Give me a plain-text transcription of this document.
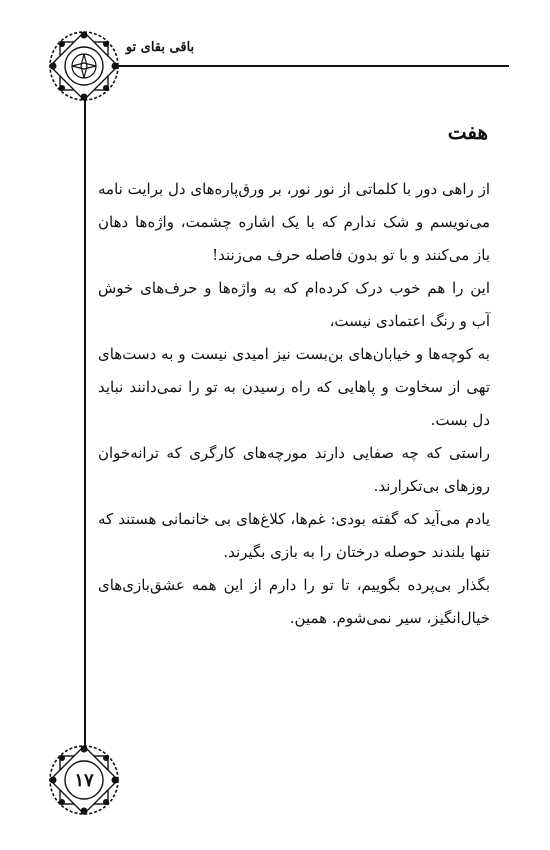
باقی بقای تو
هفت

از راهی دور با کلماتی از نور نور، بر ورق‌پاره‌های دل برایت نامه می‌نویسم و شک ندارم که با یک اشاره چشمت، واژه‌ها دهان باز می‌کنند و با تو بدون فاصله حرف می‌زنند!

این را هم خوب درک کرده‌ام که به واژه‌ها و حرف‌های خوش آب و رنگ اعتمادی نیست،

به کوچه‌ها و خیابان‌های بن‌بست نیز امیدی نیست و به دست‌های تهی از سخاوت و پاهایی که راه رسیدن به تو را نمی‌دانند نباید دل بست.

راستی که چه صفایی دارند مورچه‌های کارگری که ترانه‌خوان روزهای بی‌تکرارند.

یادم می‌آید که گفته بودی: غم‌ها، کلاغ‌های بی خانمانی هستند که تنها بلندند حوصله درختان را به بازی بگیرند.

بگذار بی‌پرده بگوییم، تا تو را دارم از این همه عشق‌بازی‌های خیال‌انگیز، سیر نمی‌شوم. همین.

۱۷
